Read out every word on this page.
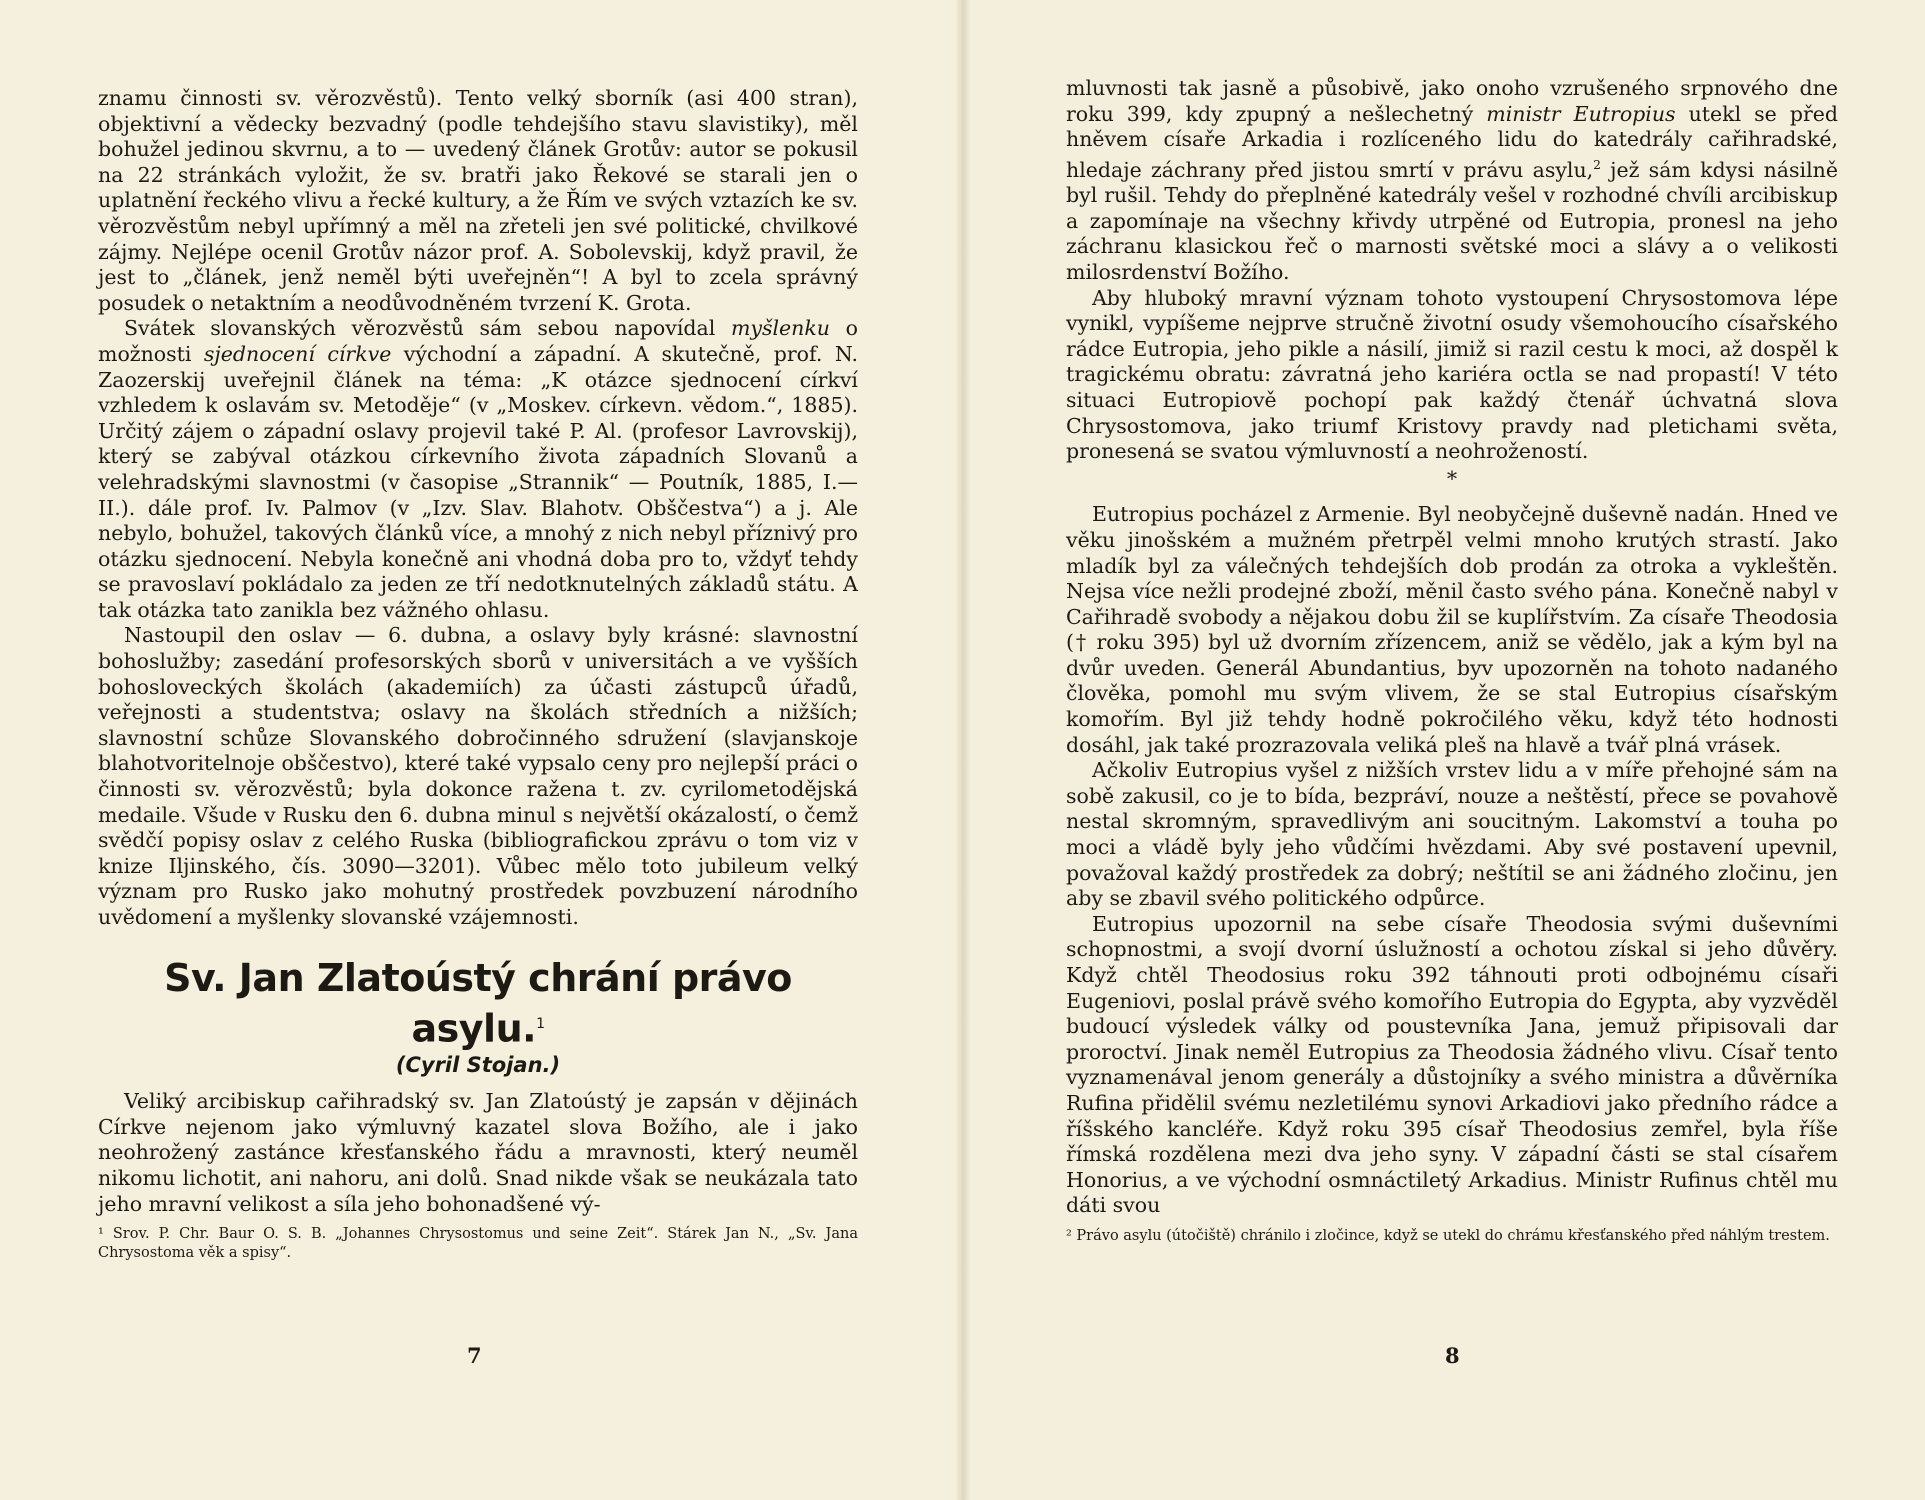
znamu činnosti sv. věrozvěstů). Tento velký sborník (asi 400 stran), objektivní a vědecky bezvadný (podle tehdejšího stavu slavistiky), měl bohužel jedinou skvrnu, a to — uvedený článek Grotův: autor se pokusil na 22 stránkách vyložit, že sv. bratři jako Řekové se starali jen o uplatnění řeckého vlivu a řecké kultury, a že Řím ve svých vztazích ke sv. věrozvěstům nebyl upřímný a měl na zřeteli jen své politické, chvilkové zájmy. Nejlépe ocenil Grotův názor prof. A. Sobolevskij, když pravil, že jest to „článek, jenž neměl býti uveřejněn“! A byl to zcela správný posudek o netaktním a neodůvodněném tvrzení K. Grota.

Svátek slovanských věrozvěstů sám sebou napovídal myšlenku o možnosti sjednocení církve východní a západní. A skutečně, prof. N. Zaozerskij uveřejnil článek na téma: „K otázce sjednocení církví vzhledem k oslavám sv. Metoděje“ (v „Moskev. církevn. vědom.“, 1885). Určitý zájem o západní oslavy projevil také P. Al. (profesor Lavrovskij), který se zabýval otázkou církevního života západních Slovanů a velehradskými slavnostmi (v časopise „Strannik“ — Poutník, 1885, I.—II.). dále prof. Iv. Palmov (v „Izv. Slav. Blahotv. Obščestva“) a j. Ale nebylo, bohužel, takových článků více, a mnohý z nich nebyl příznivý pro otázku sjednocení. Nebyla konečně ani vhodná doba pro to, vždyť tehdy se pravoslaví pokládalo za jeden ze tří nedotknutelných základů státu. A tak otázka tato zanikla bez vážného ohlasu.

Nastoupil den oslav — 6. dubna, a oslavy byly krásné: slavnostní bohoslužby; zasedání profesorských sborů v universitách a ve vyšších bohosloveckých školách (akademiích) za účasti zástupců úřadů, veřejnosti a studentstva; oslavy na školách středních a nižších; slavnostní schůze Slovanského dobročinného sdružení (slavjanskoje blahotvoritelnoje obščestvo), které také vypsalo ceny pro nejlepší práci o činnosti sv. věrozvěstů; byla dokonce ražena t. zv. cyrilometodějská medaile. Všude v Rusku den 6. dubna minul s největší okázalostí, o čemž svědčí popisy oslav z celého Ruska (bibliografickou zprávu o tom viz v knize Iljinského, čís. 3090—3201). Vůbec mělo toto jubileum velký význam pro Rusko jako mohutný prostředek povzbuzení národního uvědomení a myšlenky slovanské vzájemnosti.

Sv. Jan Zlatoústý chrání právo asylu.$^1$
(Cyril Stojan.)

Veliký arcibiskup cařihradský sv. Jan Zlatoústý je zapsán v dějinách Církve nejenom jako výmluvný kazatel slova Božího, ale i jako neohrožený zastánce křesťanského řádu a mravnosti, který neuměl nikomu lichotit, ani nahoru, ani dolů. Snad nikde však se neukázala tato jeho mravní velikost a síla jeho bohonadšené vý-

¹ Srov. P. Chr. Baur O. S. B. „Johannes Chrysostomus und seine Zeit“. Stárek Jan N., „Sv. Jana Chrysostoma věk a spisy“.

7

mluvnosti tak jasně a působivě, jako onoho vzrušeného srpnového dne roku 399, kdy zpupný a nešlechetný ministr Eutropius utekl se před hněvem císaře Arkadia i rozlíceného lidu do katedrály cařihradské, hledaje záchrany před jistou smrtí v právu asylu,$^2$ jež sám kdysi násilně byl rušil. Tehdy do přeplněné katedrály vešel v rozhodné chvíli arcibiskup a zapomínaje na všechny křivdy utrpěné od Eutropia, pronesl na jeho záchranu klasickou řeč o marnosti světské moci a slávy a o velikosti milosrdenství Božího.

Aby hluboký mravní význam tohoto vystoupení Chrysostomova lépe vynikl, vypíšeme nejprve stručně životní osudy všemohoucího císařského rádce Eutropia, jeho pikle a násilí, jimiž si razil cestu k moci, až dospěl k tragickému obratu: závratná jeho kariéra octla se nad propastí! V této situaci Eutropiově pochopí pak každý čtenář úchvatná slova Chrysostomova, jako triumf Kristovy pravdy nad pletichami světa, pronesená se svatou výmluvností a neohrožeností.

*

Eutropius pocházel z Armenie. Byl neobyčejně duševně nadán. Hned ve věku jinošském a mužném přetrpěl velmi mnoho krutých strastí. Jako mladík byl za válečných tehdejších dob prodán za otroka a vykleštěn. Nejsa více nežli prodejné zboží, měnil často svého pána. Konečně nabyl v Cařihradě svobody a nějakou dobu žil se kuplířstvím. Za císaře Theodosia († roku 395) byl už dvorním zřízencem, aniž se vědělo, jak a kým byl na dvůr uveden. Generál Abundantius, byv upozorněn na tohoto nadaného člověka, pomohl mu svým vlivem, že se stal Eutropius císařským komořím. Byl již tehdy hodně pokročilého věku, když této hodnosti dosáhl, jak také prozrazovala veliká pleš na hlavě a tvář plná vrásek.

Ačkoliv Eutropius vyšel z nižších vrstev lidu a v míře přehojné sám na sobě zakusil, co je to bída, bezpráví, nouze a neštěstí, přece se povahově nestal skromným, spravedlivým ani soucitným. Lakomství a touha po moci a vládě byly jeho vůdčími hvězdami. Aby své postavení upevnil, považoval každý prostředek za dobrý; neštítil se ani žádného zločinu, jen aby se zbavil svého politického odpůrce.

Eutropius upozornil na sebe císaře Theodosia svými duševními schopnostmi, a svojí dvorní úslužností a ochotou získal si jeho důvěry. Když chtěl Theodosius roku 392 táhnouti proti odbojnému císaři Eugeniovi, poslal právě svého komořího Eutropia do Egypta, aby vyzvěděl budoucí výsledek války od poustevníka Jana, jemuž připisovali dar proroctví. Jinak neměl Eutropius za Theodosia žádného vlivu. Císař tento vyznamenával jenom generály a důstojníky a svého ministra a důvěrníka Rufina přidělil svému nezletilému synovi Arkadiovi jako předního rádce a říšského kancléře. Když roku 395 císař Theodosius zemřel, byla říše římská rozdělena mezi dva jeho syny. V západní části se stal císařem Honorius, a ve východní osmnáctiletý Arkadius. Ministr Rufinus chtěl mu dáti svou

² Právo asylu (útočiště) chránilo i zločince, když se utekl do chrámu křesťanského před náhlým trestem.

8
